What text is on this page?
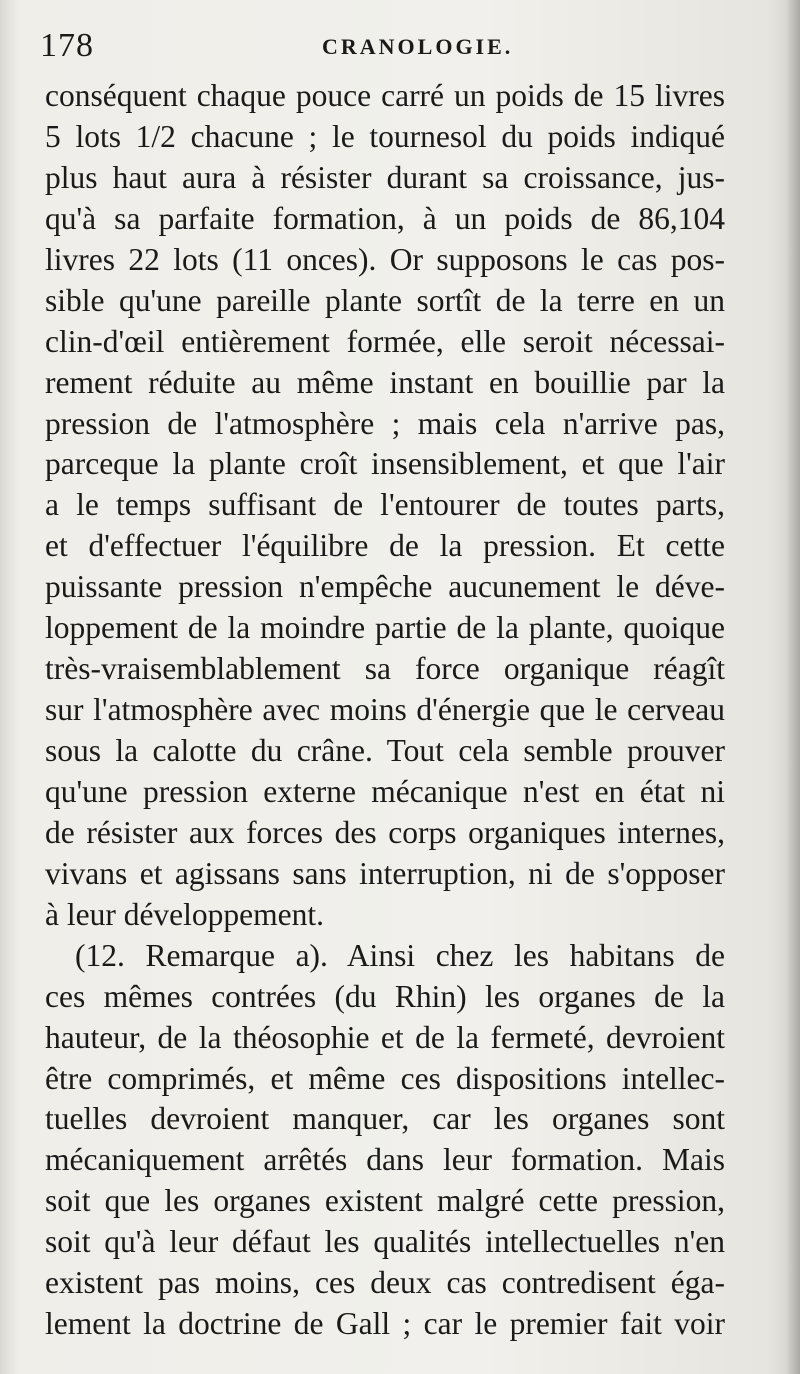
178	CRANOLOGIE.
conséquent chaque pouce carré un poids de 15 livres
5 lots 1/2 chacune ; le tournesol du poids indiqué
plus haut aura à résister durant sa croissance, jus-
qu'à sa parfaite formation, à un poids de 86,104
livres 22 lots (11 onces). Or supposons le cas pos-
sible qu'une pareille plante sortît de la terre en un
clin-d'œil entièrement formée, elle seroit nécessai-
rement réduite au même instant en bouillie par la
pression de l'atmosphère ; mais cela n'arrive pas,
parceque la plante croît insensiblement, et que l'air
a le temps suffisant de l'entourer de toutes parts,
et d'effectuer l'équilibre de la pression. Et cette
puissante pression n'empêche aucunement le déve-
loppement de la moindre partie de la plante, quoique
très-vraisemblablement sa force organique réagît
sur l'atmosphère avec moins d'énergie que le cerveau
sous la calotte du crâne. Tout cela semble prouver
qu'une pression externe mécanique n'est en état ni
de résister aux forces des corps organiques internes,
vivans et agissans sans interruption, ni de s'opposer
à leur développement.
(12. Remarque a). Ainsi chez les habitans de
ces mêmes contrées (du Rhin) les organes de la
hauteur, de la théosophie et de la fermeté, devroient
être comprimés, et même ces dispositions intellec-
tuelles devroient manquer, car les organes sont
mécaniquement arrêtés dans leur formation. Mais
soit que les organes existent malgré cette pression,
soit qu'à leur défaut les qualités intellectuelles n'en
existent pas moins, ces deux cas contredisent éga-
lement la doctrine de Gall ; car le premier fait voir
